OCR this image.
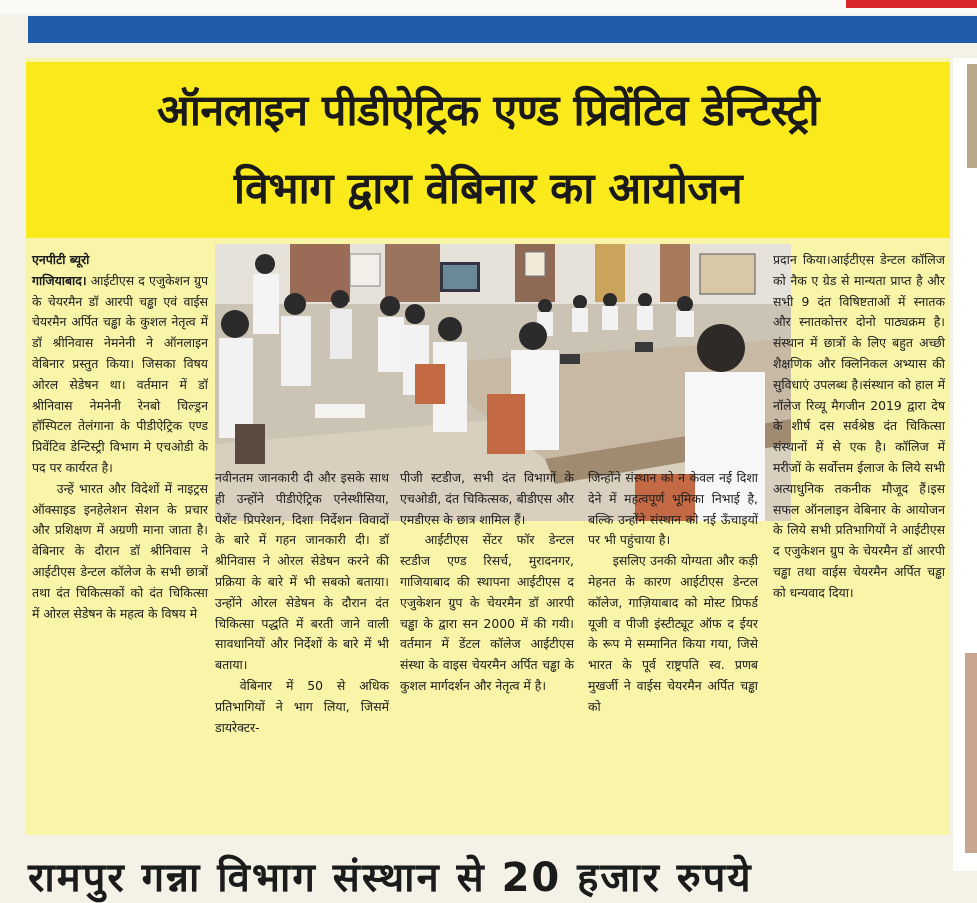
ऑनलाइन पीडीऐट्रिक एण्ड प्रिवेंटिव डेन्टिस्ट्री
विभाग द्वारा वेबिनार का आयोजन

एनपीटी ब्यूरो
गाजियाबाद। आईटीएस द एजुकेशन ग्रुप के चेयरमैन डॉ आरपी चड्ढा एवं वाईस चेयरमैन अर्पित चड्ढा के कुशल नेतृत्व में डॉ श्रीनिवास नेमनेनी ने ऑनलाइन वेबिनार प्रस्तुत किया। जिसका विषय ओरल सेडेषन था। वर्तमान में डॉ श्रीनिवास नेमनेनी रेनबो चिल्ड्रन हॉस्पिटल तेलंगाना के पीडीऐट्रिक एण्ड प्रिवेंटिव डेन्टिस्ट्री विभाग मे एचओडी के पद पर कार्यरत है।

उन्हें भारत और विदेशों में नाइट्रस ऑक्साइड इनहेलेशन सेशन के प्रचार और प्रशिक्षण में अग्रणी माना जाता है।वेबिनार के दौरान डॉ श्रीनिवास ने आईटीएस डेन्टल कॉलेज के सभी छात्रों तथा दंत चिकित्सकों को दंत चिकित्सा में ओरल सेडेषन के महत्व के विषय मे

नवीनतम जानकारी दी और इसके साथ ही उन्होंने पीडीऐट्रिक एनेस्थीसिया, पेशेंट प्रिपरेशन, दिशा निर्देशन विवादों के बारे में गहन जानकारी दी। डॉ श्रीनिवास ने ओरल सेडेषन करने की प्रक्रिया के बारे में भी सबको बताया। उन्होंने ओरल सेडेषन के दौरान दंत चिकित्सा पद्धति में बरती जाने वाली सावधानियों और निर्देशों के बारे में भी बताया।

वेबिनार में 50 से अधिक प्रतिभागियों ने भाग लिया, जिसमें डायरेक्टर-

पीजी स्टडीज, सभी दंत विभागों के एचओडी, दंत चिकित्सक, बीडीएस और एमडीएस के छात्र शामिल हैं।

आईटीएस सेंटर फॉर डेन्टल स्टडीज एण्ड रिसर्च, मुरादनगर, गाजियाबाद की स्थापना आईटीएस द एजुकेशन ग्रुप के चेयरमैन डॉ आरपी चड्ढा के द्वारा सन 2000 में की गयी। वर्तमान में डेंटल कॉलेज आईटीएस संस्था के वाइस चेयरमैन अर्पित चड्ढा के कुशल मार्गदर्शन और नेतृत्व में है।

जिन्होंने संस्थान को न केवल नई दिशा देने में महत्वपूर्ण भूमिका निभाई है, बल्कि उन्होंने संस्थान को नई ऊँचाइयों पर भी पहुंचाया है।

इसलिए उनकी योग्यता और कड़ी मेहनत के कारण आईटीएस डेन्टल कॉलेज, गाज़ियाबाद को मोस्ट प्रिफर्ड यूजी व पीजी इंस्टीट्यूट ऑफ द ईयर के रूप मे सम्मानित किया गया, जिसे भारत के पूर्व राष्ट्रपति स्व. प्रणब मुखर्जी ने वाईस चेयरमैन अर्पित चड्ढा को

प्रदान किया।आईटीएस डेन्टल कॉलिज को नैक ए ग्रेड से मान्यता प्राप्त है और सभी 9 दंत विषिष्टताओं में स्नातक और स्नातकोत्तर दोनो पाठ्यक्रम है। संस्थान में छात्रों के लिए बहुत अच्छी शैक्षणिक और क्लिनिकल अभ्यास की सुविधाएं उपलब्ध है।संस्थान को हाल में नॉलेज रिव्यू मैगजीन 2019 द्वारा देष के शीर्ष दस सर्वश्रेष्ठ दंत चिकित्सा संस्थानों में से एक है। कॉलिज में मरीजों के सर्वोत्तम ईलाज के लिये सभी अत्याधुनिक तकनीक मौजूद हैं।इस सफल ऑनलाइन वेबिनार के आयोजन के लिये सभी प्रतिभागियों ने आईटीएस द एजुकेशन ग्रुप के चेयरमैन डॉ आरपी चड्ढा तथा वाईस चेयरमैन अर्पित चड्ढा को धन्यवाद दिया।

रामपुर गन्ना विभाग संस्थान से 20 हजार रुपये
